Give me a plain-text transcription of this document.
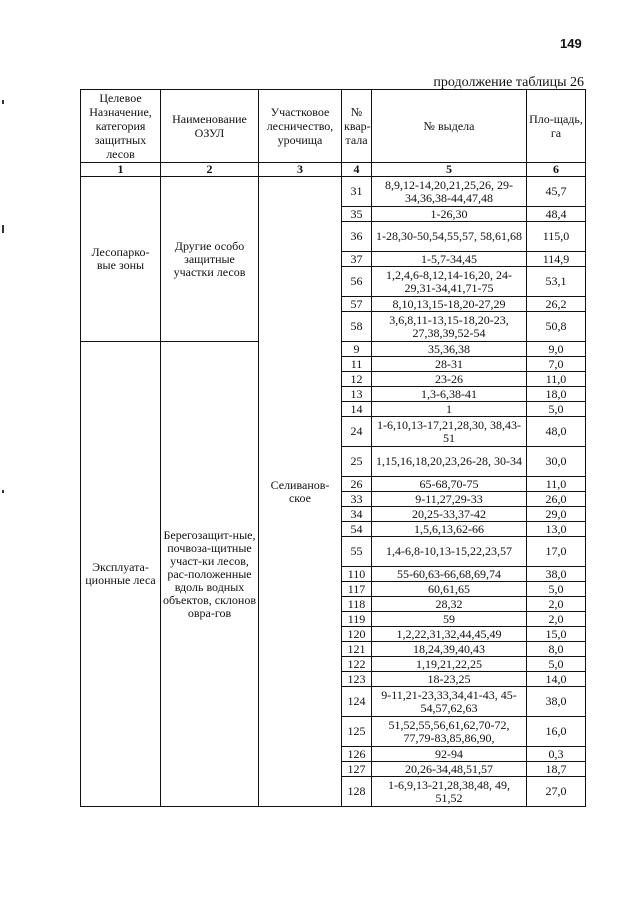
149
продолжение таблицы 26
Целевое Назначение, категория защитных лесов	Наименование ОЗУЛ	Участковое лесничество, урочища	№ квар-тала	№ выдела	Пло-щадь, га
1	2	3	4	5	6
Лесопарко-вые зоны	Другие особо защитные участки лесов	Селиванов-ское	31	8,9,12-14,20,21,25,26, 29-34,36,38-44,47,48	45,7
			35	1-26,30	48,4
			36	1-28,30-50,54,55,57, 58,61,68	115,0
			37	1-5,7-34,45	114,9
			56	1,2,4,6-8,12,14-16,20, 24-29,31-34,41,71-75	53,1
			57	8,10,13,15-18,20-27,29	26,2
			58	3,6,8,11-13,15-18,20-23, 27,38,39,52-54	50,8
Эксплуата-ционные леса	Берегозащит-ные, почвоза-щитные участ-ки лесов, рас-положенные вдоль водных объектов, склонов овра-гов		9	35,36,38	9,0
			11	28-31	7,0
			12	23-26	11,0
			13	1,3-6,38-41	18,0
			14	1	5,0
			24	1-6,10,13-17,21,28,30, 38,43-51	48,0
			25	1,15,16,18,20,23,26-28, 30-34	30,0
			26	65-68,70-75	11,0
			33	9-11,27,29-33	26,0
			34	20,25-33,37-42	29,0
			54	1,5,6,13,62-66	13,0
			55	1,4-6,8-10,13-15,22,23,57	17,0
			110	55-60,63-66,68,69,74	38,0
			117	60,61,65	5,0
			118	28,32	2,0
			119	59	2,0
			120	1,2,22,31,32,44,45,49	15,0
			121	18,24,39,40,43	8,0
			122	1,19,21,22,25	5,0
			123	18-23,25	14,0
			124	9-11,21-23,33,34,41-43, 45-54,57,62,63	38,0
			125	51,52,55,56,61,62,70-72, 77,79-83,85,86,90,	16,0
			126	92-94	0,3
			127	20,26-34,48,51,57	18,7
			128	1-6,9,13-21,28,38,48, 49, 51,52	27,0
